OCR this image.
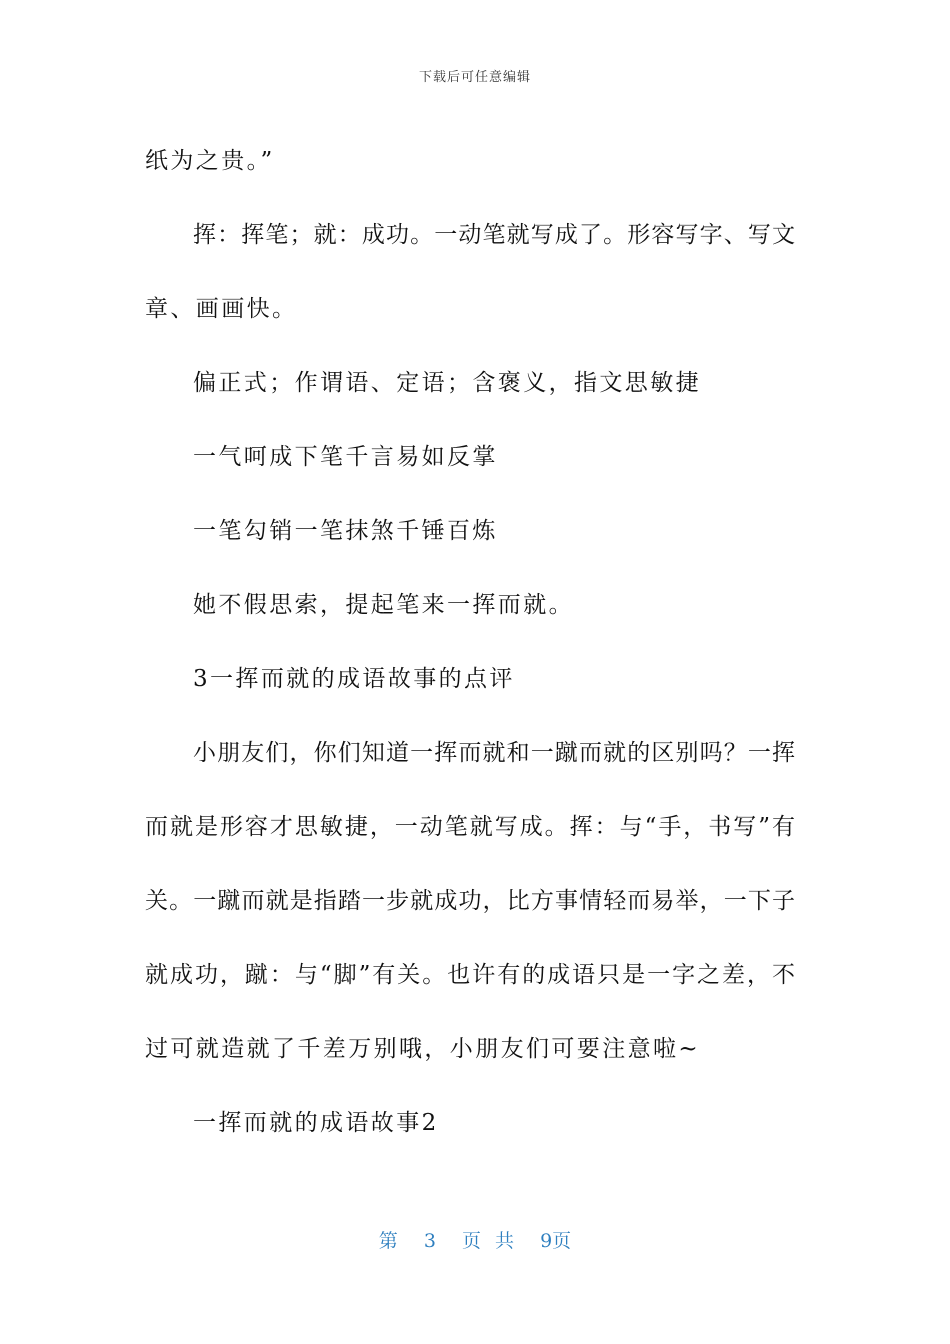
下载后可任意编辑
纸为之贵。”
挥：挥笔；就：成功。一动笔就写成了。形容写字、写文
章、画画快。
偏正式；作谓语、定语；含褒义，指文思敏捷
一气呵成下笔千言易如反掌
一笔勾销一笔抹煞千锤百炼
她不假思索，提起笔来一挥而就。
3一挥而就的成语故事的点评
小朋友们，你们知道一挥而就和一蹴而就的区别吗？一挥
而就是形容才思敏捷，一动笔就写成。挥：与“手，书写”有
关。一蹴而就是指踏一步就成功，比方事情轻而易举，一下子
就成功，蹴：与“脚”有关。也许有的成语只是一字之差，不
过可就造就了千差万别哦，小朋友们可要注意啦~
一挥而就的成语故事2
第 3 页 共 9页
